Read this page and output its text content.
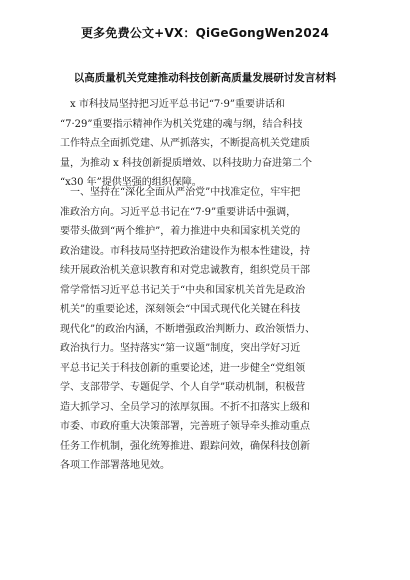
更多免费公文+VX：QiGeGongWen2024
以高质量机关党建推动科技创新高质量发展研讨发言材料
　x 市科技局坚持把习近平总书记“7·9”重要讲话和
“7·29”重要指示精神作为机关党建的魂与纲，结合科技
工作特点全面抓党建、从严抓落实，不断提高机关党建质
量，为推动 x 科技创新提质增效、以科技助力奋进第二个
“x30 年”提供坚强的组织保障。
　一、坚持在“深化全面从严治党”中找准定位，牢牢把
准政治方向。习近平总书记在“7·9”重要讲话中强调，
要带头做到“两个维护”，着力推进中央和国家机关党的
政治建设。市科技局坚持把政治建设作为根本性建设，持
续开展政治机关意识教育和对党忠诚教育，组织党员干部
常学常悟习近平总书记关于“中央和国家机关首先是政治
机关”的重要论述，深刻领会“中国式现代化关键在科技
现代化”的政治内涵，不断增强政治判断力、政治领悟力、
政治执行力。坚持落实“第一议题”制度，突出学好习近
平总书记关于科技创新的重要论述，进一步健全“党组领
学、支部带学、专题促学、个人自学”联动机制，积极营
造大抓学习、全员学习的浓厚氛围。不折不扣落实上级和
市委、市政府重大决策部署，完善班子领导牵头推动重点
任务工作机制，强化统筹推进、跟踪问效，确保科技创新
各项工作部署落地见效。
